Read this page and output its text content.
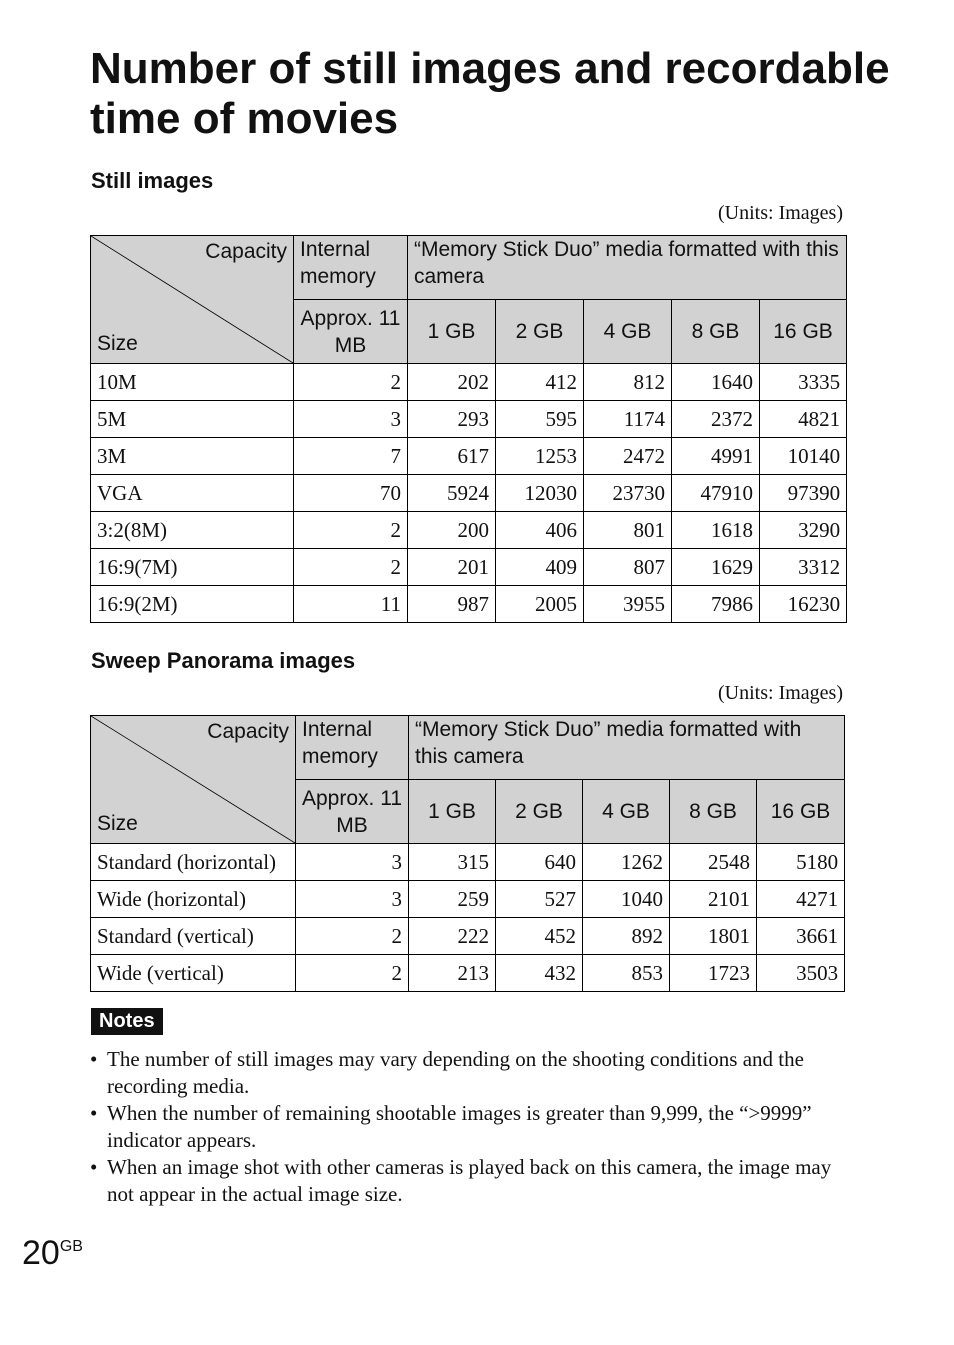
Number of still images and recordable time of movies
Still images
(Units: Images)
Capacity
Size	Internal memory	“Memory Stick Duo” media formatted with this camera				
	Approx. 11 MB	1 GB	2 GB	4 GB	8 GB	16 GB
10M	2	202	412	812	1640	3335
5M	3	293	595	1174	2372	4821
3M	7	617	1253	2472	4991	10140
VGA	70	5924	12030	23730	47910	97390
3:2(8M)	2	200	406	801	1618	3290
16:9(7M)	2	201	409	807	1629	3312
16:9(2M)	11	987	2005	3955	7986	16230
Sweep Panorama images
(Units: Images)
Capacity
Size	Internal memory	“Memory Stick Duo” media formatted with this camera				
	Approx. 11 MB	1 GB	2 GB	4 GB	8 GB	16 GB
Standard (horizontal)	3	315	640	1262	2548	5180
Wide (horizontal)	3	259	527	1040	2101	4271
Standard (vertical)	2	222	452	892	1801	3661
Wide (vertical)	2	213	432	853	1723	3503
Notes
• The number of still images may vary depending on the shooting conditions and the recording media.
• When the number of remaining shootable images is greater than 9,999, the “>9999” indicator appears.
• When an image shot with other cameras is played back on this camera, the image may not appear in the actual image size.
$20^{GB}$
